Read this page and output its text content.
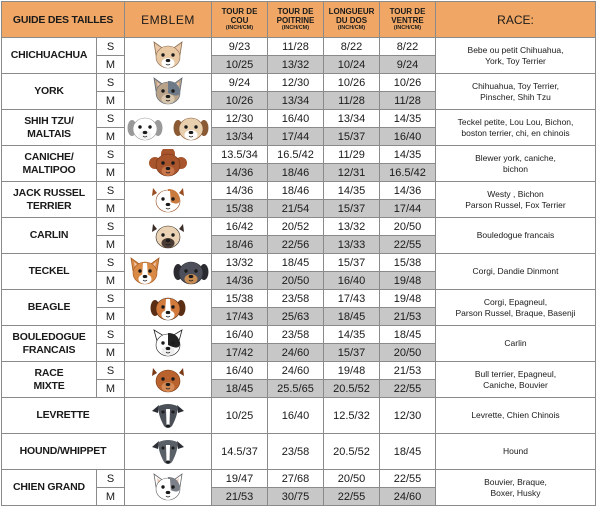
GUIDE DES TAILLES		EMBLEM	TOUR DE
COU
(INCH/CM)	TOUR DE
POITRINE
(INCH/CM)	LONGUEUR
DU DOS
(INCH/CM)	TOUR DE
VENTRE
(INCH/CM)	RACE:

CHICHUACHUA	S		9/23	11/28	8/22	8/22	Bebe ou petit Chihuahua,
York, Toy Terrier

	M		10/25	13/32	10/24	9/24	

YORK	S		9/24	12/30	10/26	10/26	Chihuahua, Toy Terrier,
Pinscher, Shih Tzu

	M		10/26	13/34	11/28	11/28	

SHIH TZU/
MALTAIS	S		12/30	16/40	13/34	14/35	Teckel petite, Lou Lou, Bichon,
boston terrier, chi, en chinois

	M		13/34	17/44	15/37	16/40	

CANICHE/
MALTIPOO	S		13.5/34	16.5/42	11/29	14/35	Blewer york, caniche,
bichon

	M		14/36	18/46	12/31	16.5/42	

JACK RUSSEL
TERRIER	S		14/36	18/46	14/35	14/36	Westy , Bichon
Parson Russel, Fox Terrier

	M		15/38	21/54	15/37	17/44	

CARLIN	S		16/42	20/52	13/32	20/50	Bouledogue francais

	M		18/46	22/56	13/33	22/55	

TECKEL	S		13/32	18/45	15/37	15/38	Corgi, Dandie Dinmont

	M		14/36	20/50	16/40	19/48	

BEAGLE	S		15/38	23/58	17/43	19/48	Corgi, Epagneul,
Parson Russel, Braque, Basenji

	M		17/43	25/63	18/45	21/53	

BOULEDOGUE
FRANCAIS	S		16/40	23/58	14/35	18/45	Carlin

	M		17/42	24/60	15/37	20/50	

RACE
MIXTE	S		16/40	24/60	19/48	21/53	Bull terrier, Epagneul,
Caniche, Bouvier

	M		18/45	25.5/65	20.5/52	22/55	

LEVRETTE			10/25	16/40	12.5/32	12/30	Levrette, Chien Chinois

HOUND/WHIPPET			14.5/37	23/58	20.5/52	18/45	Hound

CHIEN GRAND	S		19/47	27/68	20/50	22/55	Bouvier, Braque,
Boxer, Husky

	M		21/53	30/75	22/55	24/60	
